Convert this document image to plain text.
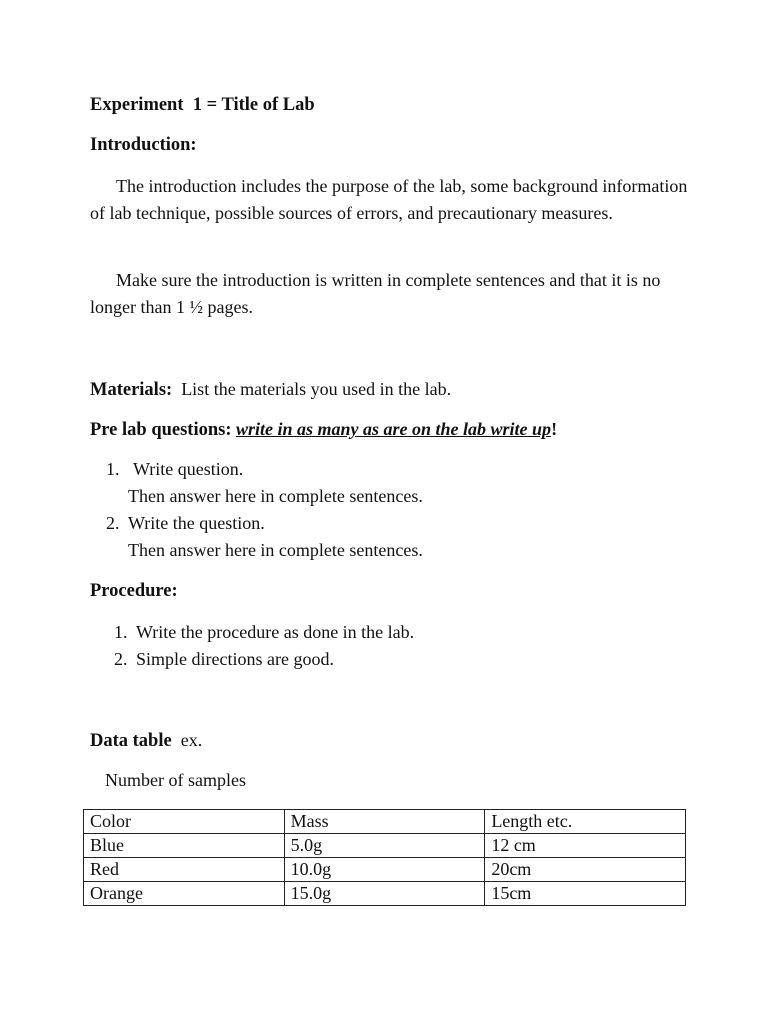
Experiment  1 = Title of Lab
Introduction:
The introduction includes the purpose of the lab, some background information of lab technique, possible sources of errors, and precautionary measures.
Make sure the introduction is written in complete sentences and that it is no longer than 1 ½ pages.
Materials: List the materials you used in the lab.
Pre lab questions: write in as many as are on the lab write up!
1. Write question.
Then answer here in complete sentences.
2. Write the question.
Then answer here in complete sentences.
Procedure:
1. Write the procedure as done in the lab.
2. Simple directions are good.
Data table ex.
Number of samples
Color	Mass	Length etc.
Blue	5.0g	12 cm
Red	10.0g	20cm
Orange	15.0g	15cm
